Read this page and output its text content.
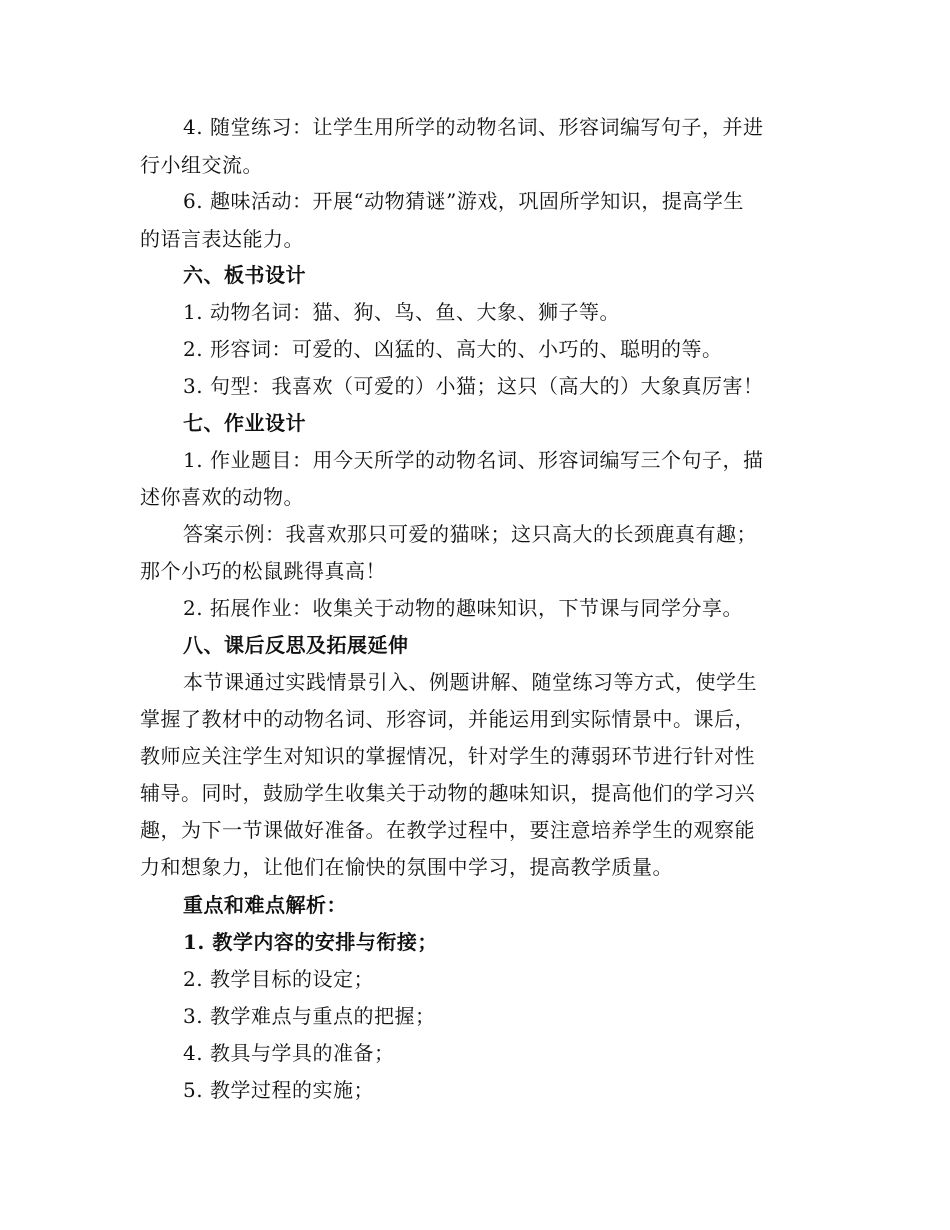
4. 随堂练习：让学生用所学的动物名词、形容词编写句子，并进
行小组交流。
6. 趣味活动：开展“动物猜谜”游戏，巩固所学知识，提高学生
的语言表达能力。
六、板书设计
1. 动物名词：猫、狗、鸟、鱼、大象、狮子等。
2. 形容词：可爱的、凶猛的、高大的、小巧的、聪明的等。
3. 句型：我喜欢（可爱的）小猫；这只（高大的）大象真厉害！
七、作业设计
1. 作业题目：用今天所学的动物名词、形容词编写三个句子，描
述你喜欢的动物。
答案示例：我喜欢那只可爱的猫咪；这只高大的长颈鹿真有趣；
那个小巧的松鼠跳得真高！
2. 拓展作业：收集关于动物的趣味知识，下节课与同学分享。
八、课后反思及拓展延伸
本节课通过实践情景引入、例题讲解、随堂练习等方式，使学生
掌握了教材中的动物名词、形容词，并能运用到实际情景中。课后，
教师应关注学生对知识的掌握情况，针对学生的薄弱环节进行针对性
辅导。同时，鼓励学生收集关于动物的趣味知识，提高他们的学习兴
趣，为下一节课做好准备。在教学过程中，要注意培养学生的观察能
力和想象力，让他们在愉快的氛围中学习，提高教学质量。
重点和难点解析：
1. 教学内容的安排与衔接；
2. 教学目标的设定；
3. 教学难点与重点的把握；
4. 教具与学具的准备；
5. 教学过程的实施；
